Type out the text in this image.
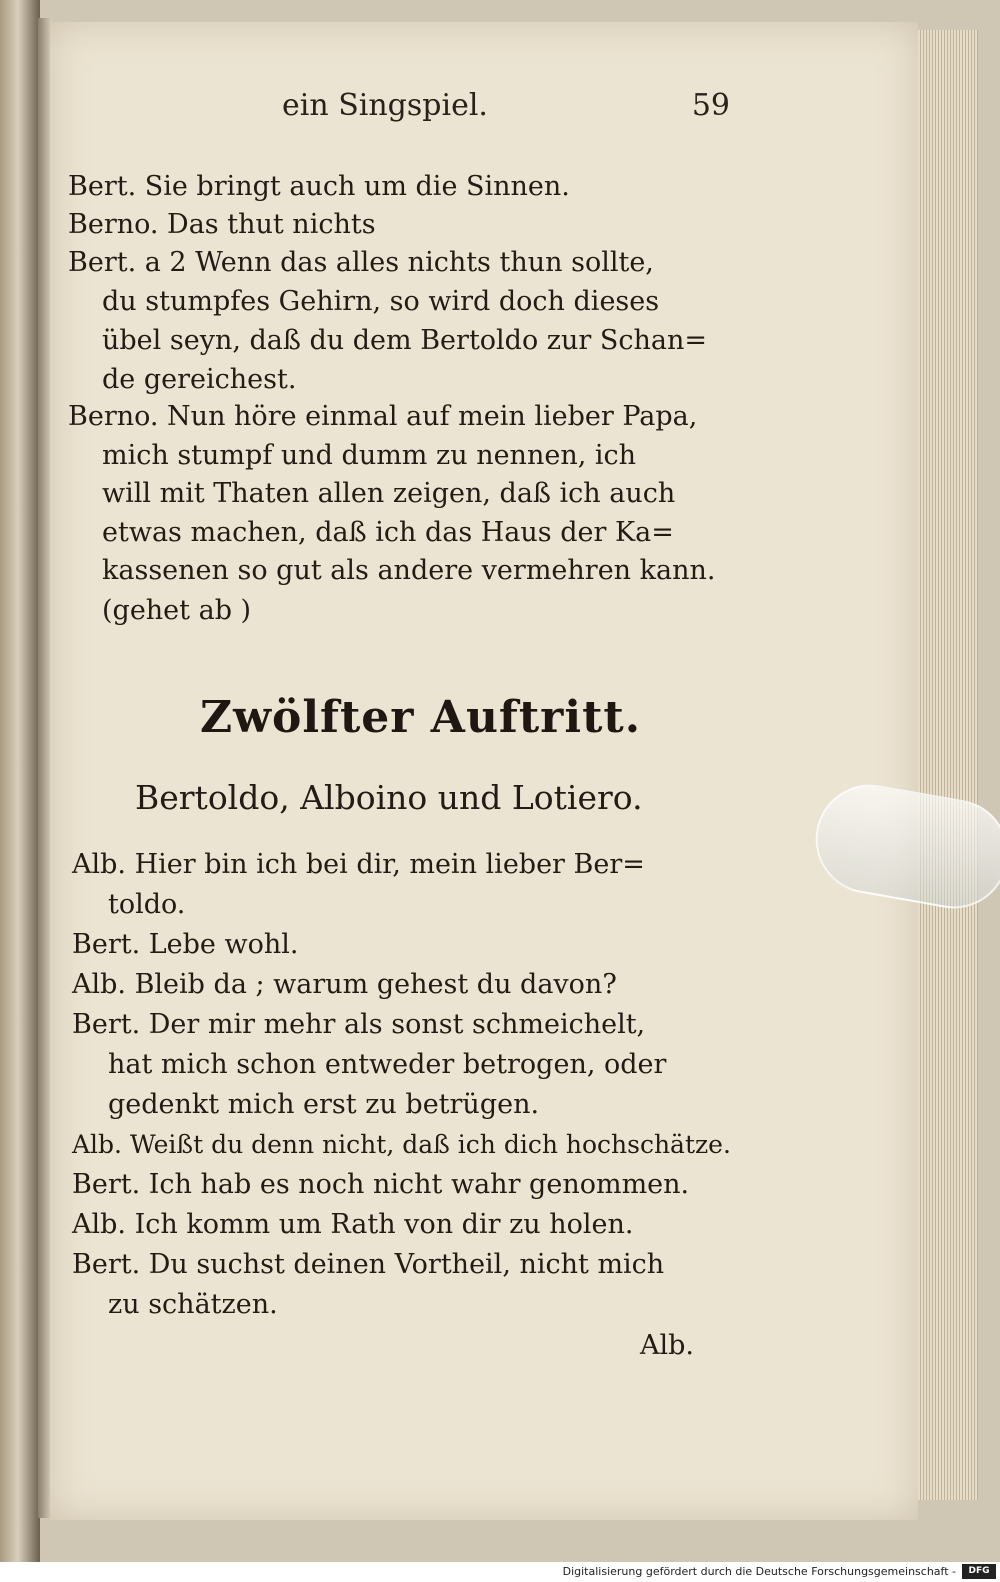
ein Singspiel.	59
Bert. Sie bringt auch um die Sinnen.
Berno. Das thut nichts
Bert. a 2 Wenn das alles nichts thun sollte,
du stumpfes Gehirn, so wird doch dieses
übel seyn, daß du dem Bertoldo zur Schan=
de gereichest.
Berno. Nun höre einmal auf mein lieber Papa,
mich stumpf und dumm zu nennen, ich
will mit Thaten allen zeigen, daß ich auch
etwas machen, daß ich das Haus der Ka=
kassenen so gut als andere vermehren kann.
(gehet ab )
Zwölfter Auftritt.
Bertoldo, Alboino und Lotiero.
Alb. Hier bin ich bei dir, mein lieber Ber=
toldo.
Bert. Lebe wohl.
Alb. Bleib da ; warum gehest du davon?
Bert. Der mir mehr als sonst schmeichelt,
hat mich schon entweder betrogen, oder
gedenkt mich erst zu betrügen.
Alb. Weißt du denn nicht, daß ich dich hochschätze.
Bert. Ich hab es noch nicht wahr genommen.
Alb. Ich komm um Rath von dir zu holen.
Bert. Du suchst deinen Vortheil, nicht mich
zu schätzen.
Alb.
Digitalisierung gefördert durch die Deutsche Forschungsgemeinschaft -	DFG
